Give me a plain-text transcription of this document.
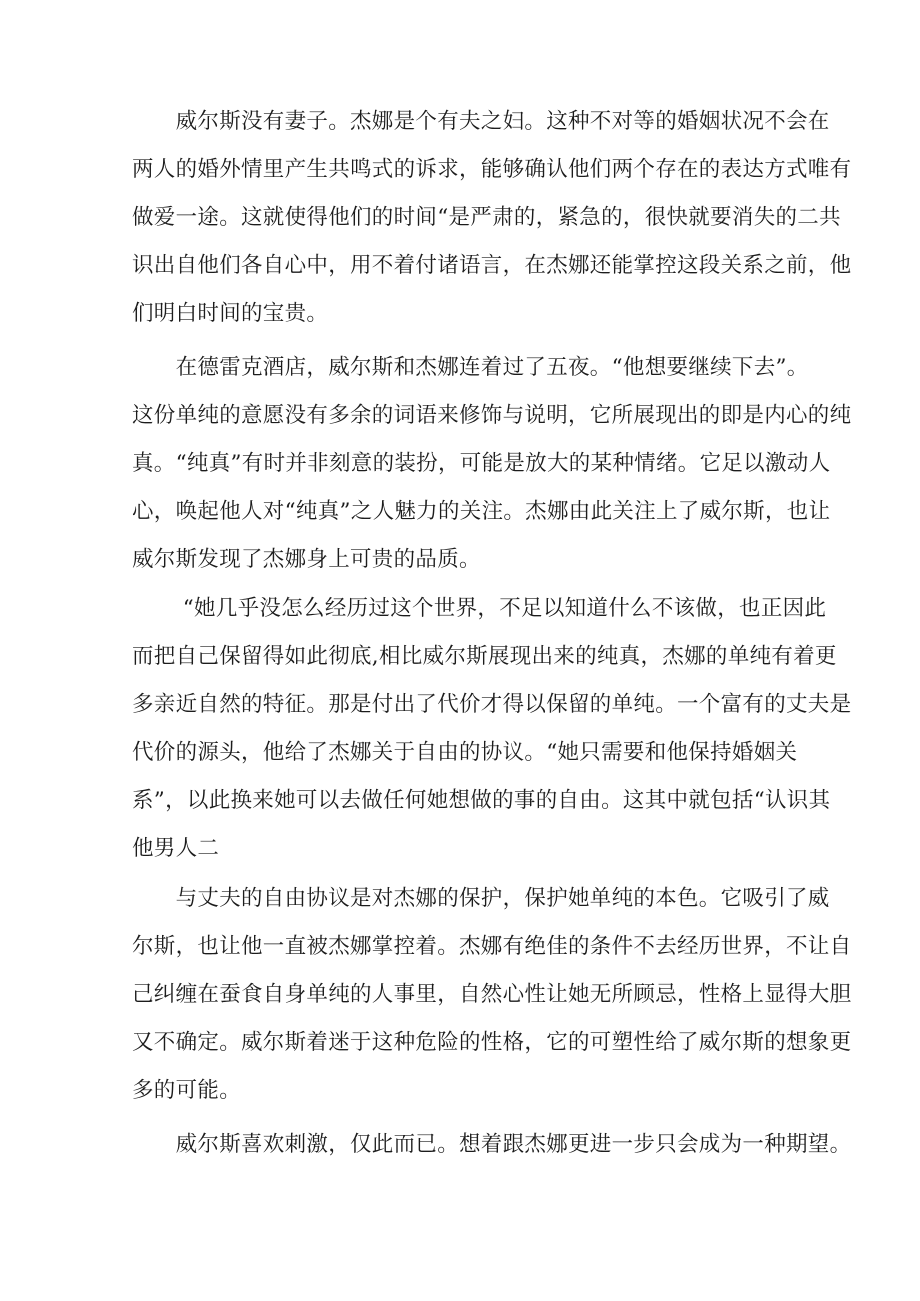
　　威尔斯没有妻子。杰娜是个有夫之妇。这种不对等的婚姻状况不会在
两人的婚外情里产生共鸣式的诉求，能够确认他们两个存在的表达方式唯有
做爱一途。这就使得他们的时间“是严肃的，紧急的，很快就要消失的二共
识出自他们各自心中，用不着付诸语言，在杰娜还能掌控这段关系之前，他
们明白时间的宝贵。

　　在德雷克酒店，威尔斯和杰娜连着过了五夜。“他想要继续下去”。
这份单纯的意愿没有多余的词语来修饰与说明，它所展现出的即是内心的纯
真。“纯真”有时并非刻意的装扮，可能是放大的某种情绪。它足以激动人
心，唤起他人对“纯真”之人魅力的关注。杰娜由此关注上了威尔斯，也让
威尔斯发现了杰娜身上可贵的品质。

　　 “她几乎没怎么经历过这个世界，不足以知道什么不该做，也正因此
而把自己保留得如此彻底,相比威尔斯展现出来的纯真，杰娜的单纯有着更
多亲近自然的特征。那是付出了代价才得以保留的单纯。一个富有的丈夫是
代价的源头，他给了杰娜关于自由的协议。“她只需要和他保持婚姻关
系”，以此换来她可以去做任何她想做的事的自由。这其中就包括“认识其
他男人二

　　与丈夫的自由协议是对杰娜的保护，保护她单纯的本色。它吸引了威
尔斯，也让他一直被杰娜掌控着。杰娜有绝佳的条件不去经历世界，不让自
己纠缠在蚕食自身单纯的人事里，自然心性让她无所顾忌，性格上显得大胆
又不确定。威尔斯着迷于这种危险的性格，它的可塑性给了威尔斯的想象更
多的可能。

　　威尔斯喜欢刺激，仅此而已。想着跟杰娜更进一步只会成为一种期望。
